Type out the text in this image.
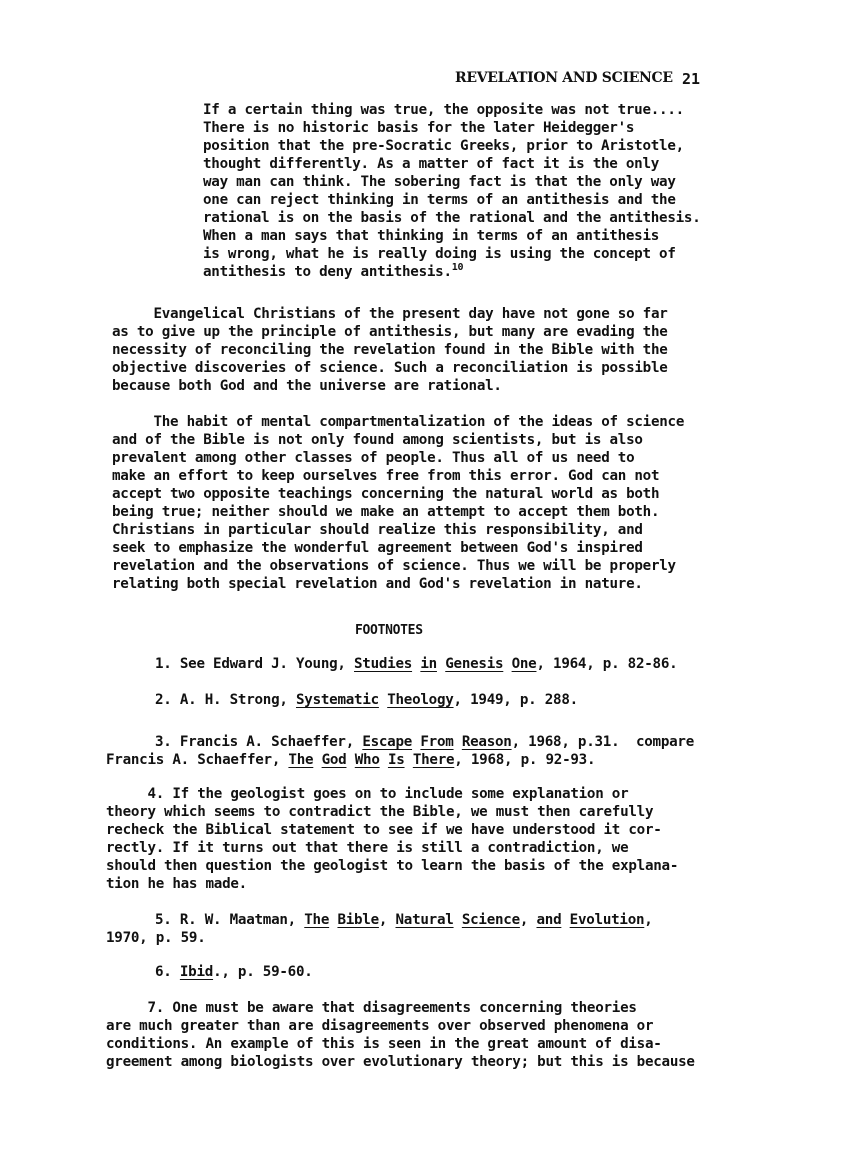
REVELATION AND SCIENCE 21
If a certain thing was true, the opposite was not true....
There is no historic basis for the later Heidegger's
position that the pre-Socratic Greeks, prior to Aristotle,
thought differently. As a matter of fact it is the only
way man can think. The sobering fact is that the only way
one can reject thinking in terms of an antithesis and the
rational is on the basis of the rational and the antithesis.
When a man says that thinking in terms of an antithesis
is wrong, what he is really doing is using the concept of
antithesis to deny antithesis.$^{10}$
Evangelical Christians of the present day have not gone so far
as to give up the principle of antithesis, but many are evading the
necessity of reconciling the revelation found in the Bible with the
objective discoveries of science. Such a reconciliation is possible
because both God and the universe are rational.
The habit of mental compartmentalization of the ideas of science
and of the Bible is not only found among scientists, but is also
prevalent among other classes of people. Thus all of us need to
make an effort to keep ourselves free from this error. God can not
accept two opposite teachings concerning the natural world as both
being true; neither should we make an attempt to accept them both.
Christians in particular should realize this responsibility, and
seek to emphasize the wonderful agreement between God's inspired
revelation and the observations of science. Thus we will be properly
relating both special revelation and God's revelation in nature.
FOOTNOTES
1. See Edward J. Young, Studies in Genesis One, 1964, p. 82-86.
2. A. H. Strong, Systematic Theology, 1949, p. 288.
3. Francis A. Schaeffer, Escape From Reason, 1968, p.31.  compare
Francis A. Schaeffer, The God Who Is There, 1968, p. 92-93.
4. If the geologist goes on to include some explanation or
theory which seems to contradict the Bible, we must then carefully
recheck the Biblical statement to see if we have understood it cor-
rectly. If it turns out that there is still a contradiction, we
should then question the geologist to learn the basis of the explana-
tion he has made.
5. R. W. Maatman, The Bible, Natural Science, and Evolution,
1970, p. 59.
6. Ibid., p. 59-60.
7. One must be aware that disagreements concerning theories
are much greater than are disagreements over observed phenomena or
conditions. An example of this is seen in the great amount of disa-
greement among biologists over evolutionary theory; but this is because
